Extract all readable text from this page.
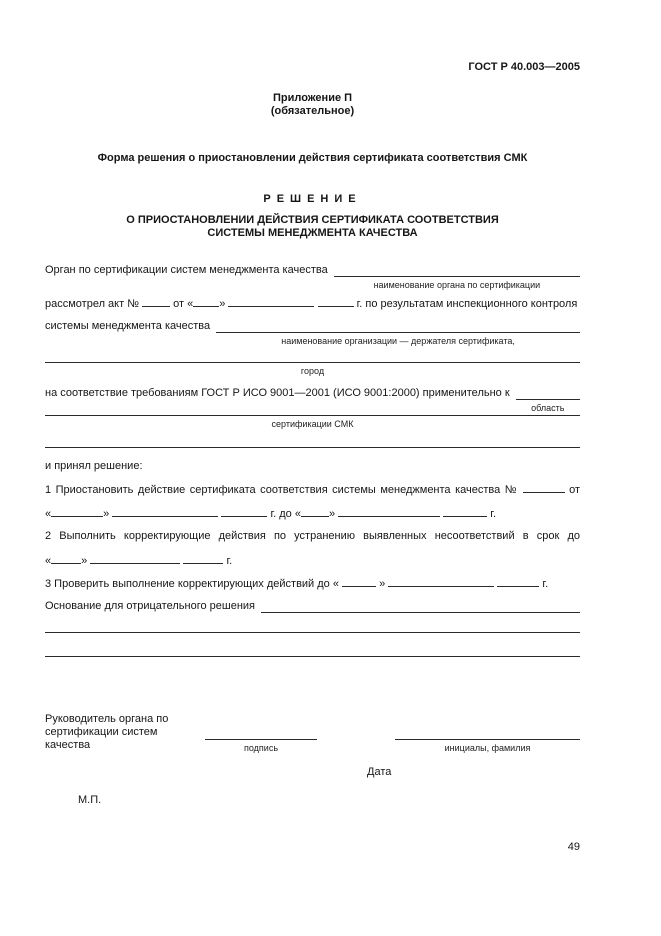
ГОСТ Р 40.003—2005
Приложение П
(обязательное)
Форма решения о приостановлении действия сертификата соответствия СМК
РЕШЕНИЕ
О ПРИОСТАНОВЛЕНИИ ДЕЙСТВИЯ СЕРТИФИКАТА СООТВЕТСТВИЯ
СИСТЕМЫ МЕНЕДЖМЕНТА КАЧЕСТВА
Орган по сертификации систем менеджмента качества
наименование органа по сертификации
рассмотрел акт №	от « »	г. по результатам инспекционного контроля
системы менеджмента качества
наименование организации — держателя сертификата,
город
на соответствие требованиям ГОСТ Р ИСО 9001—2001 (ИСО 9001:2000) применительно к
область
сертификации СМК
и принял решение:
1 Приостановить действие сертификата соответствия системы менеджмента качества №	от
«	»	г. до «	»	г.
2 Выполнить корректирующие действия по устранению выявленных несоответствий в срок до
«	»	г.
3 Проверить выполнение корректирующих действий до «	»	г.
Основание для отрицательного решения
Руководитель органа по
сертификации систем качества	подпись	инициалы, фамилия
Дата
М.П.
49
